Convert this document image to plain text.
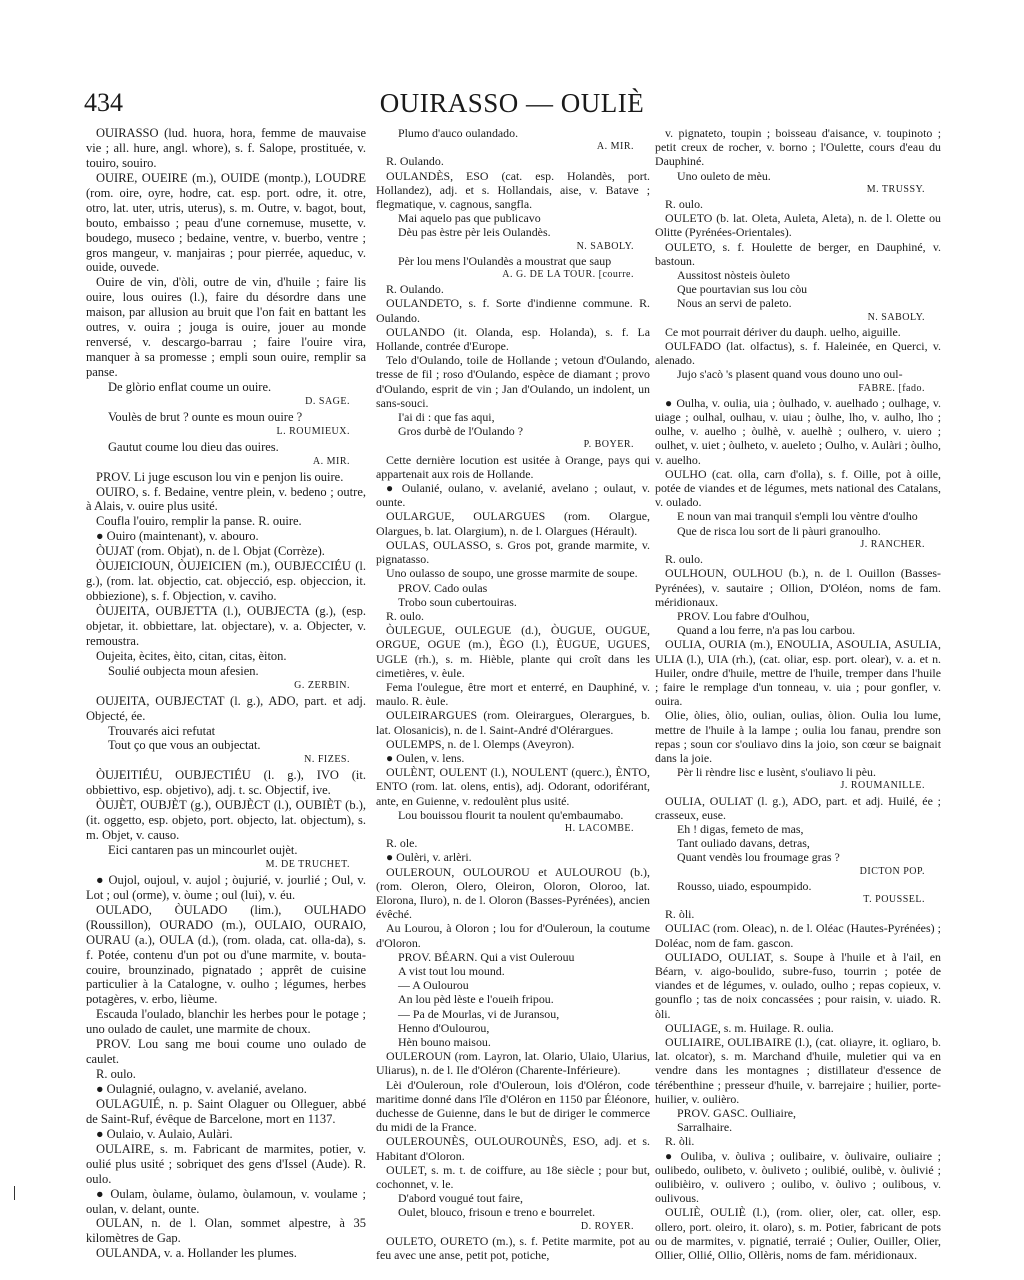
434	OUIRASSO — OULIÈ

OUIRASSO (lud. huora, hora, femme de mauvaise vie ; all. hure, angl. whore), s. f. Salope, prostituée, v. touiro, souiro.

OUIRE, OUEIRE (m.), OUIDE (montp.), LOUDRE (rom. oire, oyre, hodre, cat. esp. port. odre, it. otre, otro, lat. uter, utris, uterus), s. m. Outre, v. bagot, bout, bouto, embaisso ; peau d'une cornemuse, musette, v. boudego, museco ; bedaine, ventre, v. buerbo, ventre ; gros mangeur, v. manjairas ; pour pierrée, aqueduc, v. ouide, ouvede.

Ouire de vin, d'òli, outre de vin, d'huile ; faire lis ouire, lous ouires (l.), faire du désordre dans une maison, par allusion au bruit que l'on fait en battant les outres, v. ouira ; jouga is ouire, jouer au monde renversé, v. descargo-barrau ; faire l'ouire vira, manquer à sa promesse ; empli soun ouire, remplir sa panse.

De glòrio enflat coume un ouire.

D. SAGE.

Voulès de brut ? ounte es moun ouire ?

L. ROUMIEUX.

Gautut coume lou dieu das ouires.

A. MIR.

PROV. Li juge escuson lou vin e penjon lis ouire.

OUIRO, s. f. Bedaine, ventre plein, v. bedeno ; outre, à Alais, v. ouire plus usité.

Coufla l'ouiro, remplir la panse. R. ouire.

● Ouiro (maintenant), v. abouro.

ÒUJAT (rom. Objat), n. de l. Objat (Corrèze).

ÒUJEICIOUN, ÒUJEICIEN (m.), OUBJECCIÉU (l. g.), (rom. lat. objectio, cat. objecció, esp. objeccion, it. obbiezione), s. f. Objection, v. caviho.

ÒUJEITA, OUBJETTA (l.), OUBJECTA (g.), (esp. objetar, it. obbiettare, lat. objectare), v. a. Objecter, v. remoustra.

Oujeita, ècites, èito, citan, citas, èiton.

Soulié oubjecta moun afesien.

G. ZERBIN.

OUJEITA, OUBJECTAT (l. g.), ADO, part. et adj. Objecté, ée.

Trouvarés aici refutat

Tout ço que vous an oubjectat.

N. FIZES.

ÒUJEITIÉU, OUBJECTIÉU (l. g.), IVO (it. obbiettivo, esp. objetivo), adj. t. sc. Objectif, ive.

ÒUJÈT, OUBJÈT (g.), OUBJÈCT (l.), OUBIÈT (b.), (it. oggetto, esp. objeto, port. objecto, lat. objectum), s. m. Objet, v. causo.

Eici cantaren pas un mincourlet oujèt.

M. DE TRUCHET.

● Oujol, oujoul, v. aujol ; òujurié, v. jourlié ; Oul, v. Lot ; oul (orme), v. òume ; oul (lui), v. éu.

OULADO, ÒULADO (lim.), OULHADO (Roussillon), OURADO (m.), OULAIO, OURAIO, OURAU (a.), OULA (d.), (rom. olada, cat. olla-da), s. f. Potée, contenu d'un pot ou d'une marmite, v. bouta-couire, brounzinado, pignatado ; apprêt de cuisine particulier à la Catalogne, v. oulho ; légumes, herbes potagères, v. erbo, lièume.

Escauda l'oulado, blanchir les herbes pour le potage ; uno oulado de caulet, une marmite de choux.

PROV. Lou sang me boui coume uno oulado de caulet.

R. oulo.

● Oulagnié, oulagno, v. avelanié, avelano.

OULAGUIÉ, n. p. Saint Olaguer ou Olleguer, abbé de Saint-Ruf, évêque de Barcelone, mort en 1137.

● Oulaio, v. Aulaio, Aulàri.

OULAIRE, s. m. Fabricant de marmites, potier, v. oulié plus usité ; sobriquet des gens d'Issel (Aude). R. oulo.

● Oulam, òulame, òulamo, òulamoun, v. voulame ; oulan, v. delant, ounte.

OULAN, n. de l. Olan, sommet alpestre, à 35 kilomètres de Gap.

OULANDA, v. a. Hollander les plumes.

Plumo d'auco oulandado.

A. MIR.

R. Oulando.

OULANDÈS, ESO (cat. esp. Holandès, port. Hollandez), adj. et s. Hollandais, aise, v. Batave ; flegmatique, v. cagnous, sangfla.

Mai aquelo pas que publicavo

Dèu pas èstre pèr leis Oulandès.

N. SABOLY.

Pèr lou mens l'Oulandès a moustrat que saup

A. G. DE LA TOUR. [courre.

R. Oulando.

OULANDETO, s. f. Sorte d'indienne commune. R. Oulando.

OULANDO (it. Olanda, esp. Holanda), s. f. La Hollande, contrée d'Europe.

Telo d'Oulando, toile de Hollande ; vetoun d'Oulando, tresse de fil ; roso d'Oulando, espèce de diamant ; provo d'Oulando, esprit de vin ; Jan d'Oulando, un indolent, un sans-souci.

I'ai di : que fas aqui,

Gros durbè de l'Oulando ?

P. BOYER.

Cette dernière locution est usitée à Orange, pays qui appartenait aux rois de Hollande.

● Oulanié, oulano, v. avelanié, avelano ; oulaut, v. ounte.

OULARGUE, OULARGUES (rom. Olargue, Olargues, b. lat. Olargium), n. de l. Olargues (Hérault).

OULAS, OULASSO, s. Gros pot, grande marmite, v. pignatasso.

Uno oulasso de soupo, une grosse marmite de soupe.

PROV. Cado oulas

Trobo soun cubertouiras.

R. oulo.

ÒULEGUE, OULEGUE (d.), ÒUGUE, OUGUE, ORGUE, OGUE (m.), ÈGO (l.), ÈUGUE, UGUES, UGLE (rh.), s. m. Hièble, plante qui croît dans les cimetières, v. èule.

Fema l'oulegue, être mort et enterré, en Dauphiné, v. maulo. R. èule.

OULEIRARGUES (rom. Oleirargues, Olerargues, b. lat. Olosanicis), n. de l. Saint-André d'Olérargues.

OULEMPS, n. de l. Olemps (Aveyron).

● Oulen, v. lens.

OULÈNT, OULENT (l.), NOULENT (querc.), ÈNTO, ENTO (rom. lat. olens, entis), adj. Odorant, odoriférant, ante, en Guienne, v. redoulènt plus usité.

Lou bouissou flourit ta noulent qu'embaumabo.

H. LACOMBE.

R. ole.

● Oulèri, v. arlèri.

OULEROUN, OULOUROU et AULOUROU (b.), (rom. Oleron, Olero, Oleiron, Oloron, Oloroo, lat. Elorona, Iluro), n. de l. Oloron (Basses-Pyrénées), ancien évêché.

Au Lourou, à Oloron ; lou for d'Ouleroun, la coutume d'Oloron.

PROV. BÉARN. Qui a vist Oulerouu

A vist tout lou mound.

— A Oulourou

An lou pèd lèste e l'oueih fripou.

— Pa de Mourlas, vi de Juransou,

Henno d'Oulourou,

Hèn bouno maisou.

OULEROUN (rom. Layron, lat. Olario, Ulaio, Ularius, Uliarus), n. de l. Ile d'Oléron (Charente-Inférieure).

Lèi d'Ouleroun, role d'Ouleroun, lois d'Oléron, code maritime donné dans l'île d'Oléron en 1150 par Éléonore, duchesse de Guienne, dans le but de diriger le commerce du midi de la France.

OULEROUNÈS, OULOUROUNÈS, ESO, adj. et s. Habitant d'Oloron.

OULET, s. m. t. de coiffure, au 18e siècle ; pour but, cochonnet, v. le.

D'abord vougué tout faire,

Oulet, blouco, frisoun e treno e bourrelet.

D. ROYER.

OULETO, OURETO (m.), s. f. Petite marmite, pot au feu avec une anse, petit pot, potiche,

v. pignateto, toupin ; boisseau d'aisance, v. toupinoto ; petit creux de rocher, v. borno ; l'Oulette, cours d'eau du Dauphiné.

Uno ouleto de mèu.

M. TRUSSY.

R. oulo.

OULETO (b. lat. Oleta, Auleta, Aleta), n. de l. Olette ou Olitte (Pyrénées-Orientales).

OULETO, s. f. Houlette de berger, en Dauphiné, v. bastoun.

Aussitost nòsteis òuleto

Que pourtavian sus lou còu

Nous an servi de paleto.

N. SABOLY.

Ce mot pourrait dériver du dauph. uelho, aiguille.

OULFADO (lat. olfactus), s. f. Haleinée, en Querci, v. alenado.

Jujo s'acò 's plasent quand vous douno uno oul-

FABRE. [fado.

● Oulha, v. oulia, uia ; òulhado, v. auelhado ; oulhage, v. uiage ; oulhal, oulhau, v. uiau ; òulhe, lho, v. aulho, lho ; oulhe, v. auelho ; òulhè, v. auelhè ; oulhero, v. uiero ; oulhet, v. uiet ; òulheto, v. aueleto ; Oulho, v. Aulàri ; òulho, v. auelho.

OULHO (cat. olla, carn d'olla), s. f. Oille, pot à oille, potée de viandes et de légumes, mets national des Catalans, v. oulado.

E noun van mai tranquil s'empli lou vèntre d'oulho

Que de risca lou sort de li pàuri granoulho.

J. RANCHER.

R. oulo.

OULHOUN, OULHOU (b.), n. de l. Ouillon (Basses-Pyrénées), v. sautaire ; Ollion, D'Oléon, noms de fam. méridionaux.

PROV. Lou fabre d'Oulhou,

Quand a lou ferre, n'a pas lou carbou.

OULIA, OURIA (m.), ENOULIA, ASOULIA, ASULIA, ULIA (l.), UIA (rh.), (cat. oliar, esp. port. olear), v. a. et n. Huiler, ondre d'huile, mettre de l'huile, tremper dans l'huile ; faire le remplage d'un tonneau, v. uia ; pour gonfler, v. ouira.

Olie, òlies, òlio, oulian, oulias, òlion. Oulia lou lume, mettre de l'huile à la lampe ; oulia lou fanau, prendre son repas ; soun cor s'ouliavo dins la joio, son cœur se baignait dans la joie.

Pèr li rèndre lisc e lusènt, s'ouliavo li pèu.

J. ROUMANILLE.

OULIA, OULIAT (l. g.), ADO, part. et adj. Huilé, ée ; crasseux, euse.

Eh ! digas, femeto de mas,

Tant ouliado davans, detras,

Quant vendès lou froumage gras ?

DICTON POP.

Rousso, uiado, espoumpido.

T. POUSSEL.

R. òli.

OULIAC (rom. Oleac), n. de l. Oléac (Hautes-Pyrénées) ; Doléac, nom de fam. gascon.

OULIADO, OULIAT, s. Soupe à l'huile et à l'ail, en Béarn, v. aigo-boulido, subre-fuso, tourrin ; potée de viandes et de légumes, v. oulado, oulho ; repas copieux, v. gounflo ; tas de noix concassées ; pour raisin, v. uiado. R. òli.

OULIAGE, s. m. Huilage. R. oulia.

OULIAIRE, OULIBAIRE (l.), (cat. oliayre, it. ogliaro, b. lat. olcator), s. m. Marchand d'huile, muletier qui va en vendre dans les montagnes ; distillateur d'essence de térébenthine ; presseur d'huile, v. barrejaire ; huilier, porte-huilier, v. oulièro.

PROV. GASC. Oulliaire,

Sarralhaire.

R. òli.

● Ouliba, v. òuliva ; oulibaire, v. òulivaire, ouliaire ; oulibedo, oulibeto, v. òuliveto ; oulibié, oulibè, v. òulivié ; oulibièiro, v. oulivero ; oulibo, v. òulivo ; oulibous, v. oulivous.

OULIÈ, OULIÈ (l.), (rom. olier, oler, cat. oller, esp. ollero, port. oleiro, it. olaro), s. m. Potier, fabricant de pots ou de marmites, v. pignatié, terraié ; Oulier, Ouiller, Olier, Ollier, Ollié, Ollio, Ollèris, noms de fam. méridionaux.
